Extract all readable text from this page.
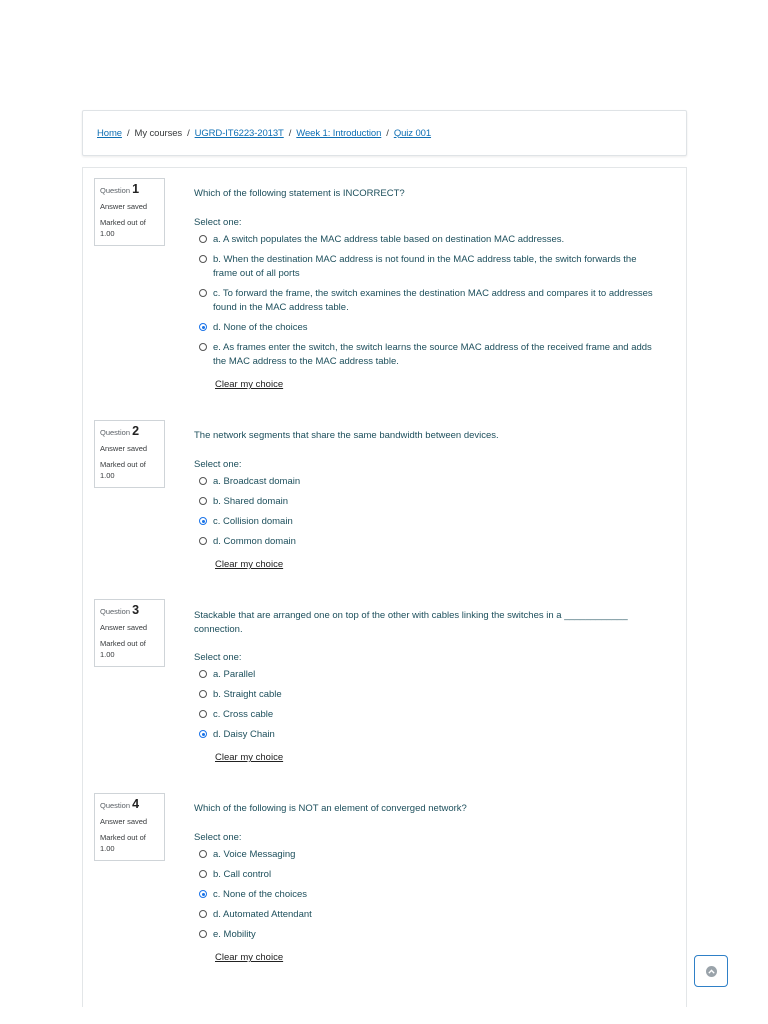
Home / My courses / UGRD-IT6223-2013T / Week 1: Introduction / Quiz 001
Question 1
Answer saved
Marked out of
1.00
Which of the following statement is INCORRECT?
Select one:
a. A switch populates the MAC address table based on destination MAC addresses.
b. When the destination MAC address is not found in the MAC address table, the switch forwards the frame out of all ports
c. To forward the frame, the switch examines the destination MAC address and compares it to addresses found in the MAC address table.
d. None of the choices
e. As frames enter the switch, the switch learns the source MAC address of the received frame and adds the MAC address to the MAC address table.
Clear my choice
Question 2
Answer saved
Marked out of
1.00
The network segments that share the same bandwidth between devices.
Select one:
a. Broadcast domain
b. Shared domain
c. Collision domain
d. Common domain
Clear my choice
Question 3
Answer saved
Marked out of
1.00
Stackable that are arranged one on top of the other with cables linking the switches in a ____________ connection.
Select one:
a. Parallel
b. Straight cable
c. Cross cable
d. Daisy Chain
Clear my choice
Question 4
Answer saved
Marked out of
1.00
Which of the following is NOT an element of converged network?
Select one:
a. Voice Messaging
b. Call control
c. None of the choices
d. Automated Attendant
e. Mobility
Clear my choice
